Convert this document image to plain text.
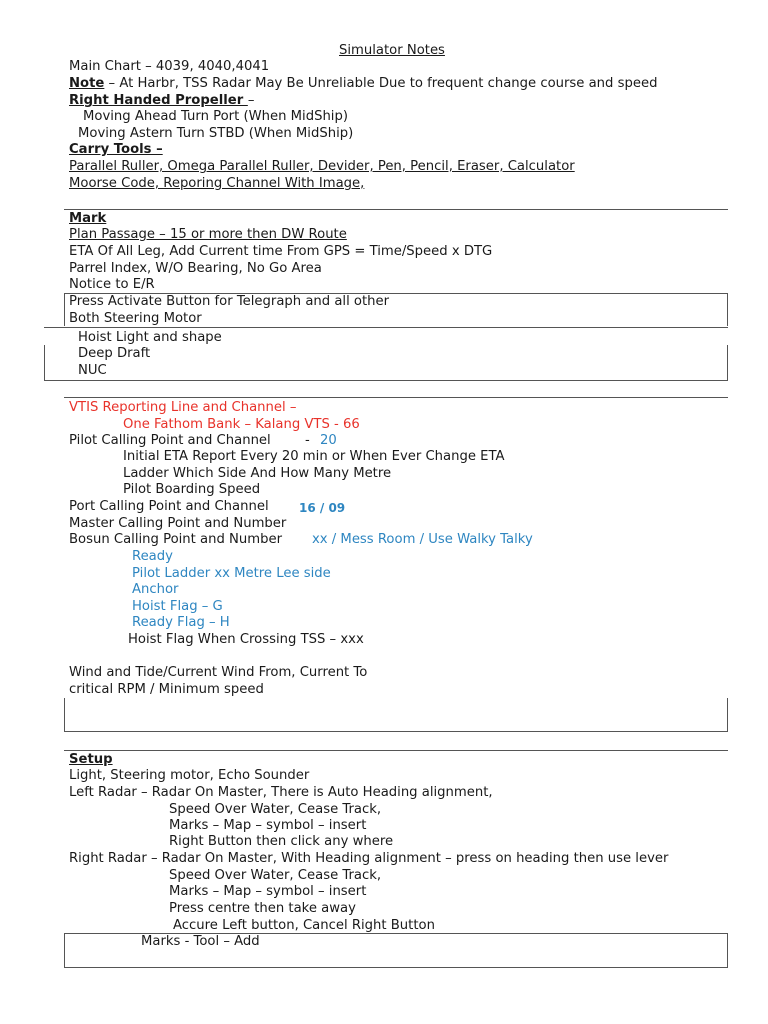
Simulator Notes
Main Chart – 4039, 4040,4041
Note – At Harbr, TSS Radar May Be Unreliable Due to frequent change course and speed
Right Handed Propeller –
Moving Ahead Turn Port (When MidShip)
Moving Astern Turn STBD (When MidShip)
Carry Tools –
Parallel Ruller, Omega Parallel Ruller, Devider, Pen, Pencil, Eraser, Calculator
Moorse Code, Reporing Channel With Image,
Mark
Plan Passage – 15 or more then DW Route
ETA Of All Leg, Add Current time From GPS = Time/Speed x DTG
Parrel Index, W/O Bearing, No Go Area
Notice to E/R
Press Activate Button for Telegraph and all other
Both Steering Motor
Hoist Light and shape
Deep Draft
NUC
VTIS Reporting Line and Channel –
One Fathom Bank – Kalang VTS - 66
Pilot Calling Point and Channel	- 20
Initial ETA Report Every 20 min or When Ever Change ETA
Ladder Which Side And How Many Metre
Pilot Boarding Speed
Port Calling Point and Channel	16 / 09
Master Calling Point and Number
Bosun Calling Point and Number xx / Mess Room / Use Walky Talky
Ready
Pilot Ladder xx Metre Lee side
Anchor
Hoist Flag – G
Ready Flag – H
Hoist Flag When Crossing TSS – xxx
Wind and Tide/Current Wind From, Current To
critical RPM / Minimum speed
Setup
Light, Steering motor, Echo Sounder
Left Radar – Radar On Master, There is Auto Heading alignment,
Speed Over Water, Cease Track,
Marks – Map – symbol – insert
Right Button then click any where
Right Radar – Radar On Master, With Heading alignment – press on heading then use lever
Speed Over Water, Cease Track,
Marks – Map – symbol – insert
Press centre then take away
Accure Left button, Cancel Right Button
Marks - Tool – Add
